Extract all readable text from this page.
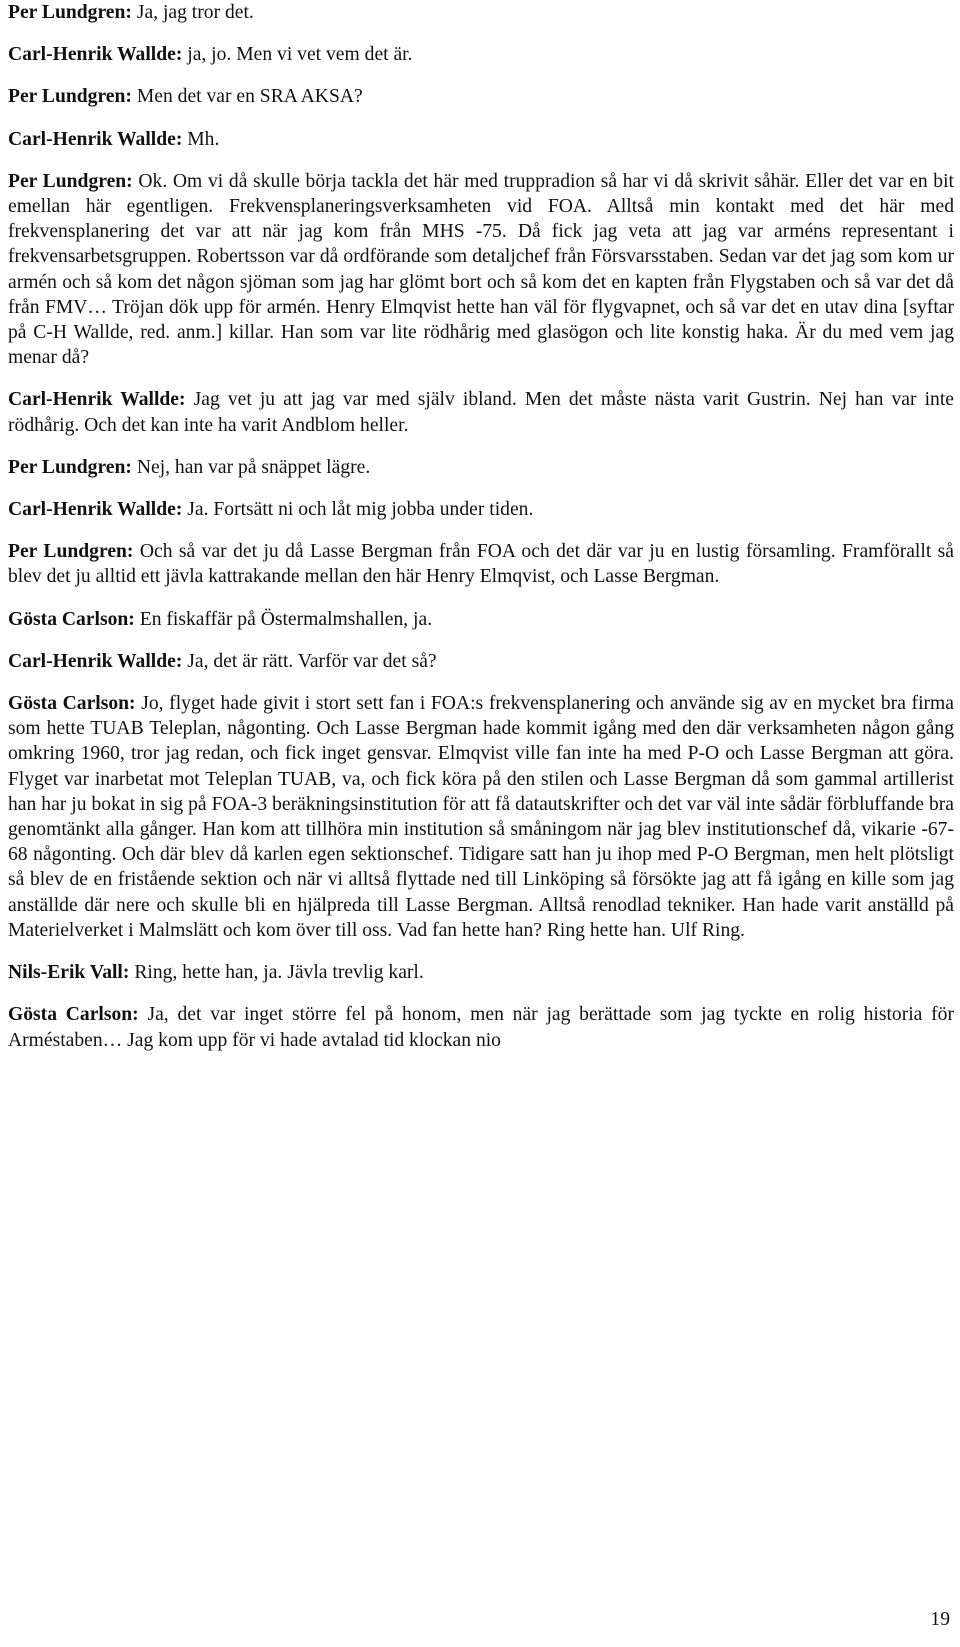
Per Lundgren: Ja, jag tror det.

Carl-Henrik Wallde: ja, jo. Men vi vet vem det är.

Per Lundgren: Men det var en SRA AKSA?

Carl-Henrik Wallde: Mh.

Per Lundgren: Ok. Om vi då skulle börja tackla det här med truppradion så har vi då skrivit såhär. Eller det var en bit emellan här egentligen. Frekvensplaneringsverksamheten vid FOA. Alltså min kontakt med det här med frekvensplanering det var att när jag kom från MHS -75. Då fick jag veta att jag var arméns representant i frekvensarbetsgruppen. Robertsson var då ordförande som detaljchef från Försvarsstaben. Sedan var det jag som kom ur armén och så kom det någon sjöman som jag har glömt bort och så kom det en kapten från Flygstaben och så var det då från FMV… Tröjan dök upp för armén. Henry Elmqvist hette han väl för flygvapnet, och så var det en utav dina [syftar på C-H Wallde, red. anm.] killar. Han som var lite rödhårig med glasögon och lite konstig haka. Är du med vem jag menar då?

Carl-Henrik Wallde: Jag vet ju att jag var med själv ibland. Men det måste nästa varit Gustrin. Nej han var inte rödhårig. Och det kan inte ha varit Andblom heller.

Per Lundgren: Nej, han var på snäppet lägre.

Carl-Henrik Wallde: Ja. Fortsätt ni och låt mig jobba under tiden.

Per Lundgren: Och så var det ju då Lasse Bergman från FOA och det där var ju en lustig församling. Framförallt så blev det ju alltid ett jävla kattrakande mellan den här Henry Elmqvist, och Lasse Bergman.

Gösta Carlson: En fiskaffär på Östermalmshallen, ja.

Carl-Henrik Wallde: Ja, det är rätt. Varför var det så?

Gösta Carlson: Jo, flyget hade givit i stort sett fan i FOA:s frekvensplanering och använde sig av en mycket bra firma som hette TUAB Teleplan, någonting. Och Lasse Bergman hade kommit igång med den där verksamheten någon gång omkring 1960, tror jag redan, och fick inget gensvar. Elmqvist ville fan inte ha med P-O och Lasse Bergman att göra. Flyget var inarbetat mot Teleplan TUAB, va, och fick köra på den stilen och Lasse Bergman då som gammal artillerist han har ju bokat in sig på FOA-3 beräkningsinstitution för att få datautskrifter och det var väl inte sådär förbluffande bra genomtänkt alla gånger. Han kom att tillhöra min institution så småningom när jag blev institutionschef då, vikarie -67-68 någonting. Och där blev då karlen egen sektionschef. Tidigare satt han ju ihop med P-O Bergman, men helt plötsligt så blev de en fristående sektion och när vi alltså flyttade ned till Linköping så försökte jag att få igång en kille som jag anställde där nere och skulle bli en hjälpreda till Lasse Bergman. Alltså renodlad tekniker. Han hade varit anställd på Materielverket i Malmslätt och kom över till oss. Vad fan hette han? Ring hette han. Ulf Ring.

Nils-Erik Vall: Ring, hette han, ja. Jävla trevlig karl.

Gösta Carlson: Ja, det var inget större fel på honom, men när jag berättade som jag tyckte en rolig historia för Arméstaben… Jag kom upp för vi hade avtalad tid klockan nio

19
